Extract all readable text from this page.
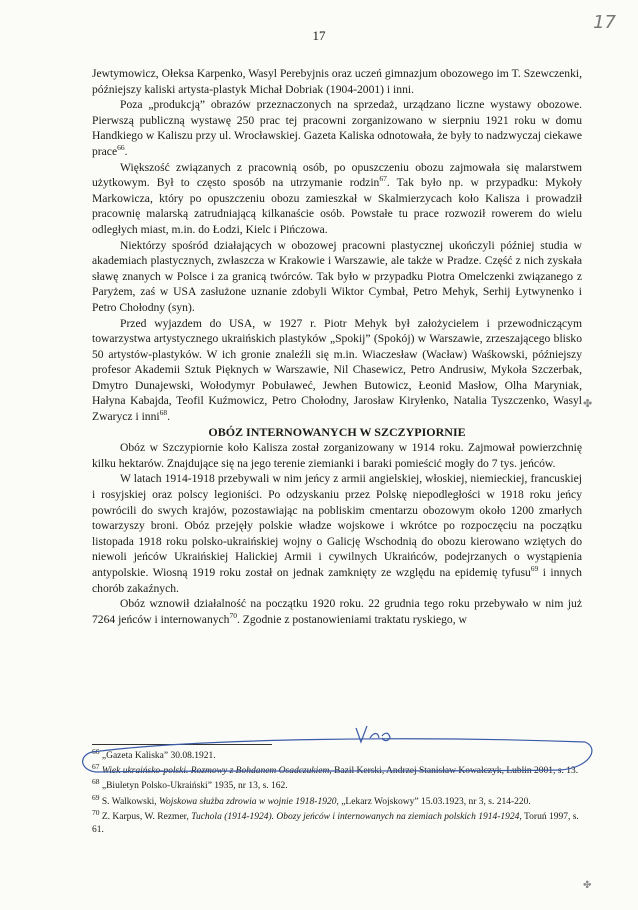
17
17

Jewtymowicz, Ołeksa Karpenko, Wasyl Perebyjnis oraz uczeń gimnazjum obozowego im T. Szewczenki, późniejszy kaliski artysta-plastyk Michał Dobriak (1904-2001) i inni.

Poza „produkcją” obrazów przeznaczonych na sprzedaż, urządzano liczne wystawy obozowe. Pierwszą publiczną wystawę 250 prac tej pracowni zorganizowano w sierpniu 1921 roku w domu Handkiego w Kaliszu przy ul. Wrocławskiej. Gazeta Kaliska odnotowała, że były to nadzwyczaj ciekawe prace$^{66}$.

Większość związanych z pracownią osób, po opuszczeniu obozu zajmowała się malarstwem użytkowym. Był to często sposób na utrzymanie rodzin$^{67}$. Tak było np. w przypadku: Mykoły Markowicza, który po opuszczeniu obozu zamieszkał w Skalmierzycach koło Kalisza i prowadził pracownię malarską zatrudniającą kilkanaście osób. Powstałe tu prace rozwoził rowerem do wielu odległych miast, m.in. do Łodzi, Kielc i Pińczowa.

Niektórzy spośród działających w obozowej pracowni plastycznej ukończyli później studia w akademiach plastycznych, zwłaszcza w Krakowie i Warszawie, ale także w Pradze. Część z nich zyskała sławę znanych w Polsce i za granicą twórców. Tak było w przypadku Piotra Omelczenki związanego z Paryżem, zaś w USA zasłużone uznanie zdobyli Wiktor Cymbał, Petro Mehyk, Serhij Łytwynenko i Petro Chołodny (syn).

Przed wyjazdem do USA, w 1927 r. Piotr Mehyk był założycielem i przewodniczącym towarzystwa artystycznego ukraińskich plastyków „Spokij” (Spokój) w Warszawie, zrzeszającego blisko 50 artystów-plastyków. W ich gronie znaleźli się m.in. Wiaczesław (Wacław) Waśkowski, późniejszy profesor Akademii Sztuk Pięknych w Warszawie, Nil Chasewicz, Petro Andrusiw, Mykoła Szczerbak, Dmytro Dunajewski, Wołodymyr Pobuławeć, Jewhen Butowicz, Łeonid Masłow, Olha Maryniak, Hałyna Kabajda, Teofil Kuźmowicz, Petro Chołodny, Jarosław Kiryłenko, Natalia Tyszczenko, Wasyl Zwarycz i inni$^{68}$.

OBÓZ INTERNOWANYCH W SZCZYPIORNIE

Obóz w Szczypiornie koło Kalisza został zorganizowany w 1914 roku. Zajmował powierzchnię kilku hektarów. Znajdujące się na jego terenie ziemianki i baraki pomieścić mogły do 7 tys. jeńców.

W latach 1914-1918 przebywali w nim jeńcy z armii angielskiej, włoskiej, niemieckiej, francuskiej i rosyjskiej oraz polscy legioniści. Po odzyskaniu przez Polskę niepodległości w 1918 roku jeńcy powrócili do swych krajów, pozostawiając na pobliskim cmentarzu obozowym około 1200 zmarłych towarzyszy broni. Obóz przejęły polskie władze wojskowe i wkrótce po rozpoczęciu na początku listopada 1918 roku polsko-ukraińskiej wojny o Galicję Wschodnią do obozu kierowano wziętych do niewoli jeńców Ukraińskiej Halickiej Armii i cywilnych Ukraińców, podejrzanych o wystąpienia antypolskie. Wiosną 1919 roku został on jednak zamknięty ze względu na epidemię tyfusu$^{69}$ i innych chorób zakaźnych.

Obóz wznowił działalność na początku 1920 roku. 22 grudnia tego roku przebywało w nim już 7264 jeńców i internowanych$^{70}$. Zgodnie z postanowieniami traktatu ryskiego, w

$^{66}$ „Gazeta Kaliska” 30.08.1921.

$^{67}$ Wiek ukraińsko-polski. Rozmowy z Bohdanem Osadczukiem, Bazil Kerski, Andrzej Stanisław Kowalczyk, Lublin 2001, s. 13.

$^{68}$ „Biuletyn Polsko-Ukraiński” 1935, nr 13, s. 162.

$^{69}$ S. Walkowski, Wojskowa służba zdrowia w wojnie 1918-1920, „Lekarz Wojskowy” 15.03.1923, nr 3, s. 214-220.

$^{70}$ Z. Karpus, W. Rezmer, Tuchola (1914-1924). Obozy jeńców i internowanych na ziemiach polskich 1914-1924, Toruń 1997, s. 61.

✤
✤
